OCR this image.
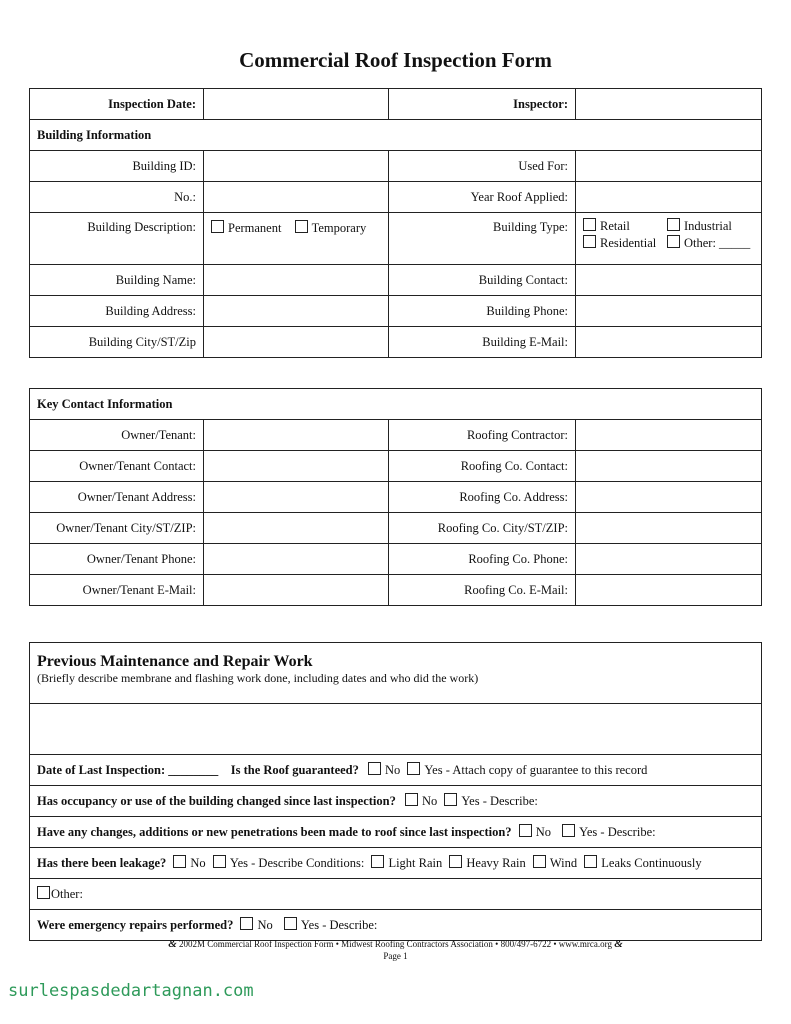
Commercial Roof Inspection Form
Inspection Date:		Inspector:	
Building Information			
Building ID:		Used For:	
No.:		Year Roof Applied:	
Building Description:	Permanent Temporary	Building Type:	Retail Industrial
Residential Other: _____

Building Name:		Building Contact:	
Building Address:		Building Phone:	
Building City/ST/Zip		Building E-Mail:	
Key Contact Information			
Owner/Tenant:		Roofing Contractor:	
Owner/Tenant Contact:		Roofing Co. Contact:	
Owner/Tenant Address:		Roofing Co. Address:	
Owner/Tenant City/ST/ZIP:		Roofing Co. City/ST/ZIP:	
Owner/Tenant Phone:		Roofing Co. Phone:	
Owner/Tenant E-Mail:		Roofing Co. E-Mail:	
Previous Maintenance and Repair Work
(Briefly describe membrane and flashing work done, including dates and who did the work)

Date of Last Inspection: ________ Is the Roof guaranteed? No Yes - Attach copy of guarantee to this record
Has occupancy or use of the building changed since last inspection? No Yes - Describe:
Have any changes, additions or new penetrations been made to roof since last inspection? No Yes - Describe:
Has there been leakage? No Yes - Describe Conditions: Light Rain Heavy Rain Wind Leaks Continuously
Other:
Were emergency repairs performed? No Yes - Describe:
& 2002M Commercial Roof Inspection Form • Midwest Roofing Contractors Association • 800/497-6722 • www.mrca.org &
Page 1
surlespasdedartagnan.com
